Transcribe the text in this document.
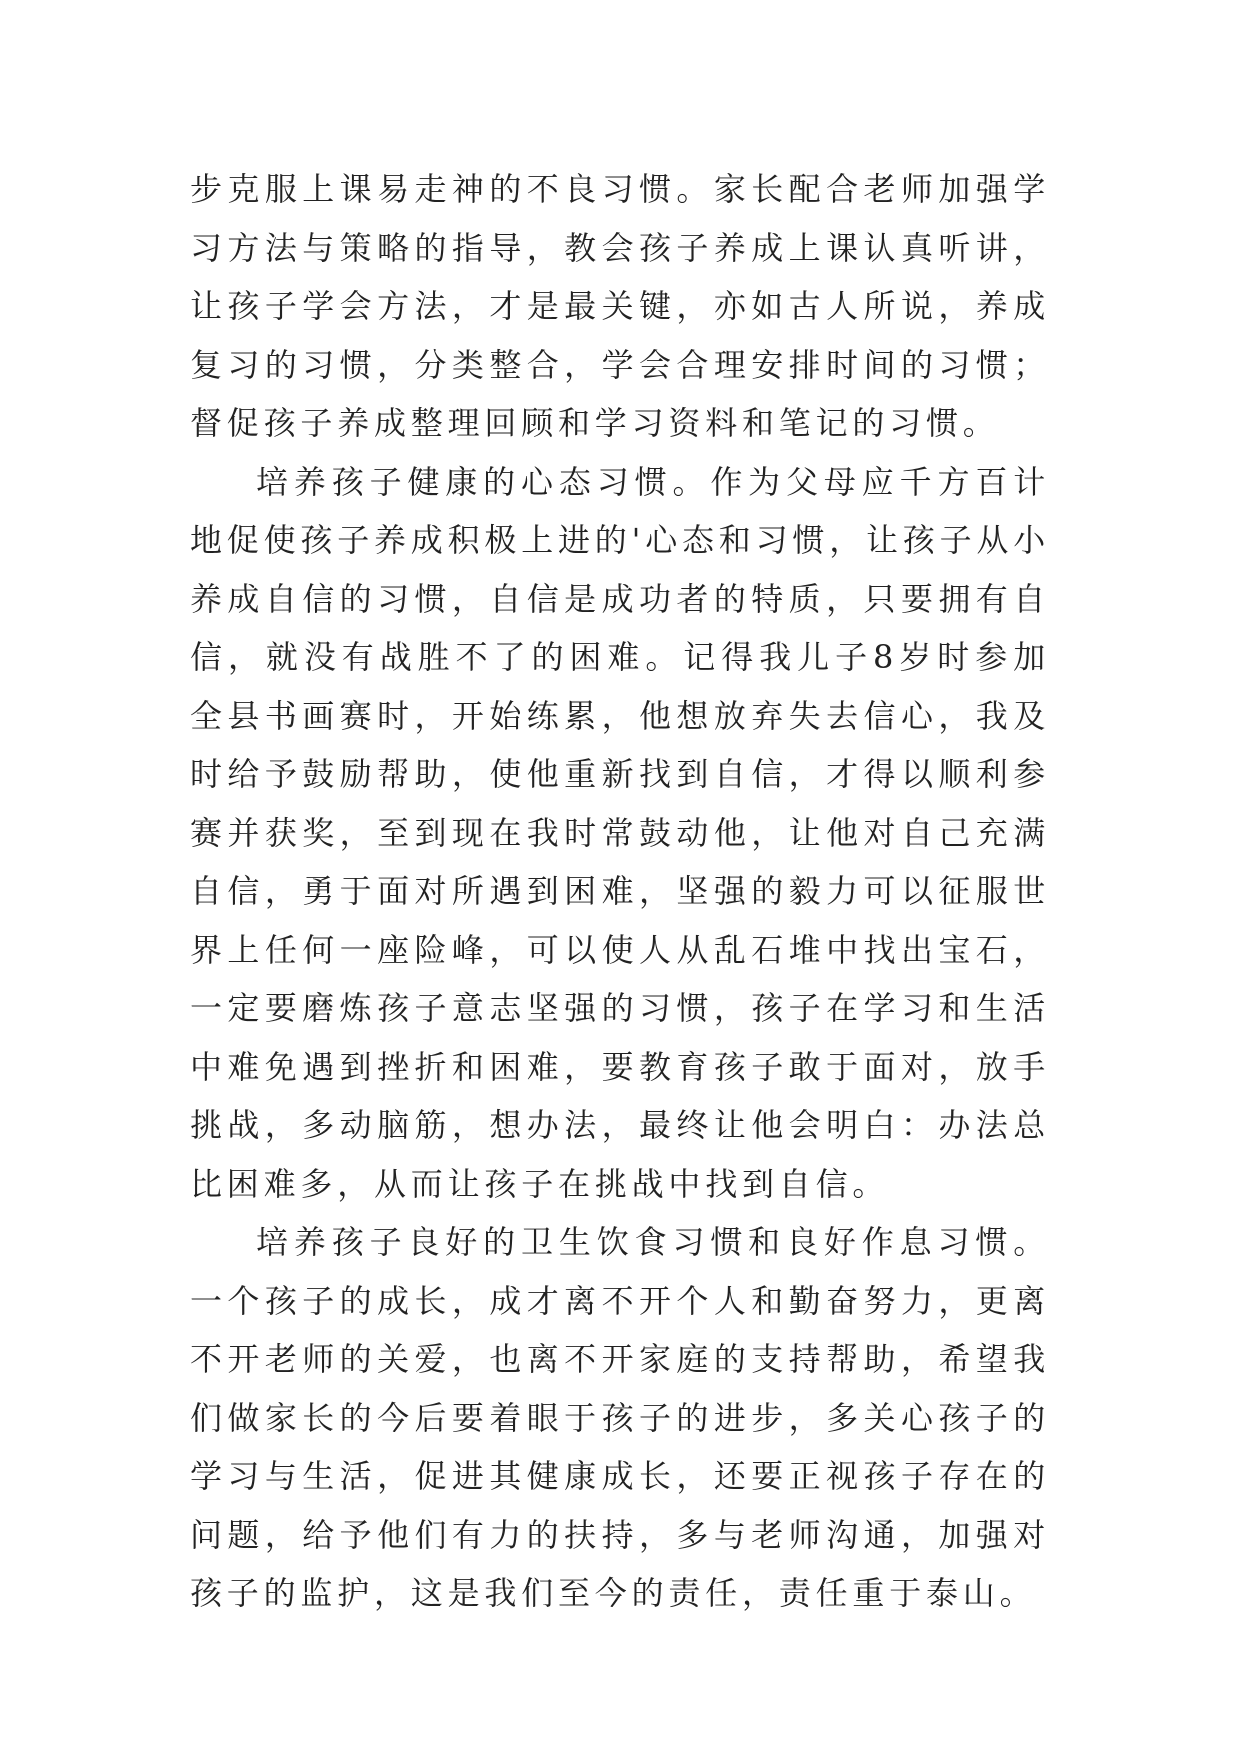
步克服上课易走神的不良习惯。家长配合老师加强学习方法与策略的指导，教会孩子养成上课认真听讲，让孩子学会方法，才是最关键，亦如古人所说，养成复习的习惯，分类整合，学会合理安排时间的习惯；督促孩子养成整理回顾和学习资料和笔记的习惯。

培养孩子健康的心态习惯。作为父母应千方百计地促使孩子养成积极上进的'心态和习惯，让孩子从小养成自信的习惯，自信是成功者的特质，只要拥有自信，就没有战胜不了的困难。记得我儿子8岁时参加全县书画赛时，开始练累，他想放弃失去信心，我及时给予鼓励帮助，使他重新找到自信，才得以顺利参赛并获奖，至到现在我时常鼓动他，让他对自己充满自信，勇于面对所遇到困难，坚强的毅力可以征服世界上任何一座险峰，可以使人从乱石堆中找出宝石，一定要磨炼孩子意志坚强的习惯，孩子在学习和生活中难免遇到挫折和困难，要教育孩子敢于面对，放手挑战，多动脑筋，想办法，最终让他会明白：办法总比困难多，从而让孩子在挑战中找到自信。

培养孩子良好的卫生饮食习惯和良好作息习惯。一个孩子的成长，成才离不开个人和勤奋努力，更离不开老师的关爱，也离不开家庭的支持帮助，希望我们做家长的今后要着眼于孩子的进步，多关心孩子的学习与生活，促进其健康成长，还要正视孩子存在的问题，给予他们有力的扶持，多与老师沟通，加强对孩子的监护，这是我们至今的责任，责任重于泰山。
